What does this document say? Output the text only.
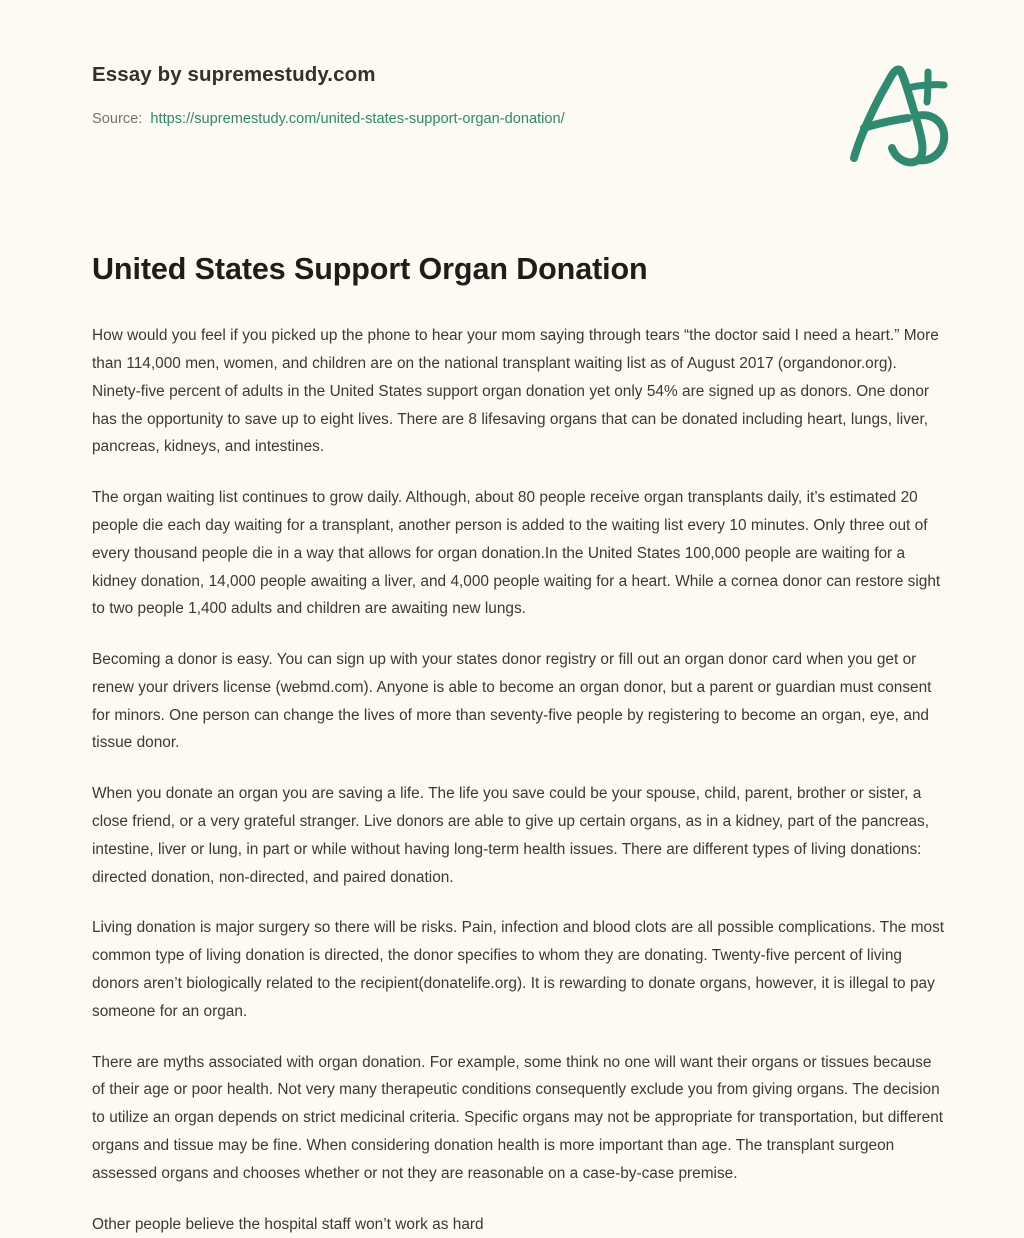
Essay by supremestudy.com
Source: https://supremestudy.com/united-states-support-organ-donation/
United States Support Organ Donation

How would you feel if you picked up the phone to hear your mom saying through tears “the doctor said I need a heart.” More than 114,000 men, women, and children are on the national transplant waiting list as of August 2017 (organdonor.org). Ninety-five percent of adults in the United States support organ donation yet only 54% are signed up as donors. One donor has the opportunity to save up to eight lives. There are 8 lifesaving organs that can be donated including heart, lungs, liver, pancreas, kidneys, and intestines.

The organ waiting list continues to grow daily. Although, about 80 people receive organ transplants daily, it’s estimated 20 people die each day waiting for a transplant, another person is added to the waiting list every 10 minutes. Only three out of every thousand people die in a way that allows for organ donation.In the United States 100,000 people are waiting for a kidney donation, 14,000 people awaiting a liver, and 4,000 people waiting for a heart. While a cornea donor can restore sight to two people 1,400 adults and children are awaiting new lungs.

Becoming a donor is easy. You can sign up with your states donor registry or fill out an organ donor card when you get or renew your drivers license (webmd.com). Anyone is able to become an organ donor, but a parent or guardian must consent for minors. One person can change the lives of more than seventy-five people by registering to become an organ, eye, and tissue donor.

When you donate an organ you are saving a life. The life you save could be your spouse, child, parent, brother or sister, a close friend, or a very grateful stranger. Live donors are able to give up certain organs, as in a kidney, part of the pancreas, intestine, liver or lung, in part or while without having long-term health issues. There are different types of living donations: directed donation, non-directed, and paired donation.

Living donation is major surgery so there will be risks. Pain, infection and blood clots are all possible complications. The most common type of living donation is directed, the donor specifies to whom they are donating. Twenty-five percent of living donors aren’t biologically related to the recipient(donatelife.org). It is rewarding to donate organs, however, it is illegal to pay someone for an organ.

There are myths associated with organ donation. For example, some think no one will want their organs or tissues because of their age or poor health. Not very many therapeutic conditions consequently exclude you from giving organs. The decision to utilize an organ depends on strict medicinal criteria. Specific organs may not be appropriate for transportation, but different organs and tissue may be fine. When considering donation health is more important than age. The transplant surgeon assessed organs and chooses whether or not they are reasonable on a case-by-case premise.

Other people believe the hospital staff won’t work as hard
